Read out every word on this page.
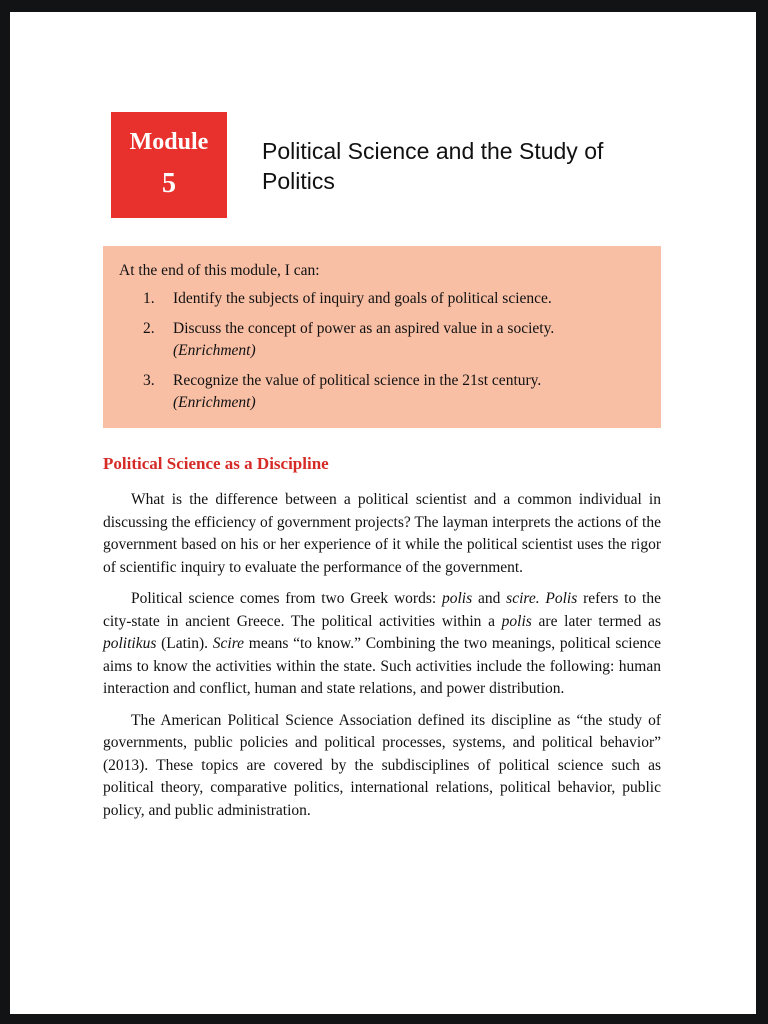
Module
5
Political Science and the Study of Politics
At the end of this module, I can:
1.	Identify the subjects of inquiry and goals of political science.
2.	Discuss the concept of power as an aspired value in a society.
(Enrichment)
3.	Recognize the value of political science in the 21st century.
(Enrichment)
Political Science as a Discipline

What is the difference between a political scientist and a common individual in discussing the efficiency of government projects? The layman interprets the actions of the government based on his or her experience of it while the political scientist uses the rigor of scientific inquiry to evaluate the performance of the government.

Political science comes from two Greek words: polis and scire. Polis refers to the city-state in ancient Greece. The political activities within a polis are later termed as politikus (Latin). Scire means “to know.” Combining the two meanings, political science aims to know the activities within the state. Such activities include the following: human interaction and conflict, human and state relations, and power distribution.

The American Political Science Association defined its discipline as “the study of governments, public policies and political processes, systems, and political behavior” (2013). These topics are covered by the subdisciplines of political science such as political theory, comparative politics, international relations, political behavior, public policy, and public administration.
